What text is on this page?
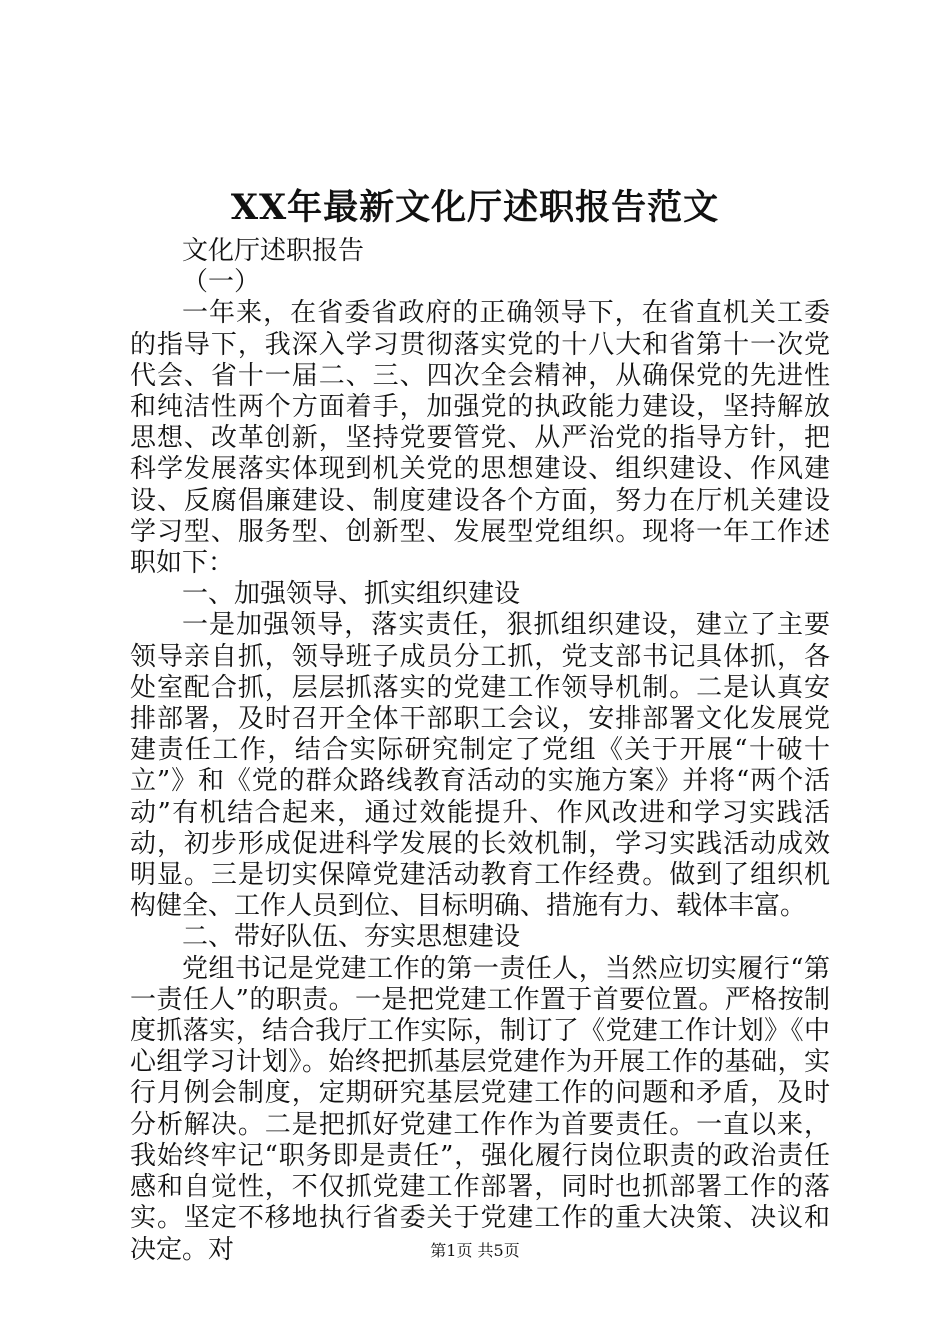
XX年最新文化厅述职报告范文

文化厅述职报告

（一）

一年来，在省委省政府的正确领导下，在省直机关工委的指导下，我深入学习贯彻落实党的十八大和省第十一次党代会、省十一届二、三、四次全会精神，从确保党的先进性和纯洁性两个方面着手，加强党的执政能力建设，坚持解放思想、改革创新，坚持党要管党、从严治党的指导方针，把科学发展落实体现到机关党的思想建设、组织建设、作风建设、反腐倡廉建设、制度建设各个方面，努力在厅机关建设学习型、服务型、创新型、发展型党组织。现将一年工作述职如下：

一、加强领导、抓实组织建设

一是加强领导，落实责任，狠抓组织建设，建立了主要领导亲自抓，领导班子成员分工抓，党支部书记具体抓，各处室配合抓，层层抓落实的党建工作领导机制。二是认真安排部署，及时召开全体干部职工会议，安排部署文化发展党建责任工作，结合实际研究制定了党组《关于开展“十破十立”》和《党的群众路线教育活动的实施方案》并将“两个活动”有机结合起来，通过效能提升、作风改进和学习实践活动，初步形成促进科学发展的长效机制，学习实践活动成效明显。三是切实保障党建活动教育工作经费。做到了组织机构健全、工作人员到位、目标明确、措施有力、载体丰富。

二、带好队伍、夯实思想建设

党组书记是党建工作的第一责任人，当然应切实履行“第一责任人”的职责。一是把党建工作置于首要位置。严格按制度抓落实，结合我厅工作实际，制订了《党建工作计划》《中心组学习计划》。始终把抓基层党建作为开展工作的基础，实行月例会制度，定期研究基层党建工作的问题和矛盾，及时分析解决。二是把抓好党建工作作为首要责任。一直以来，我始终牢记“职务即是责任”，强化履行岗位职责的政治责任感和自觉性，不仅抓党建工作部署，同时也抓部署工作的落实。坚定不移地执行省委关于党建工作的重大决策、决议和决定。对	第1页 共5页
